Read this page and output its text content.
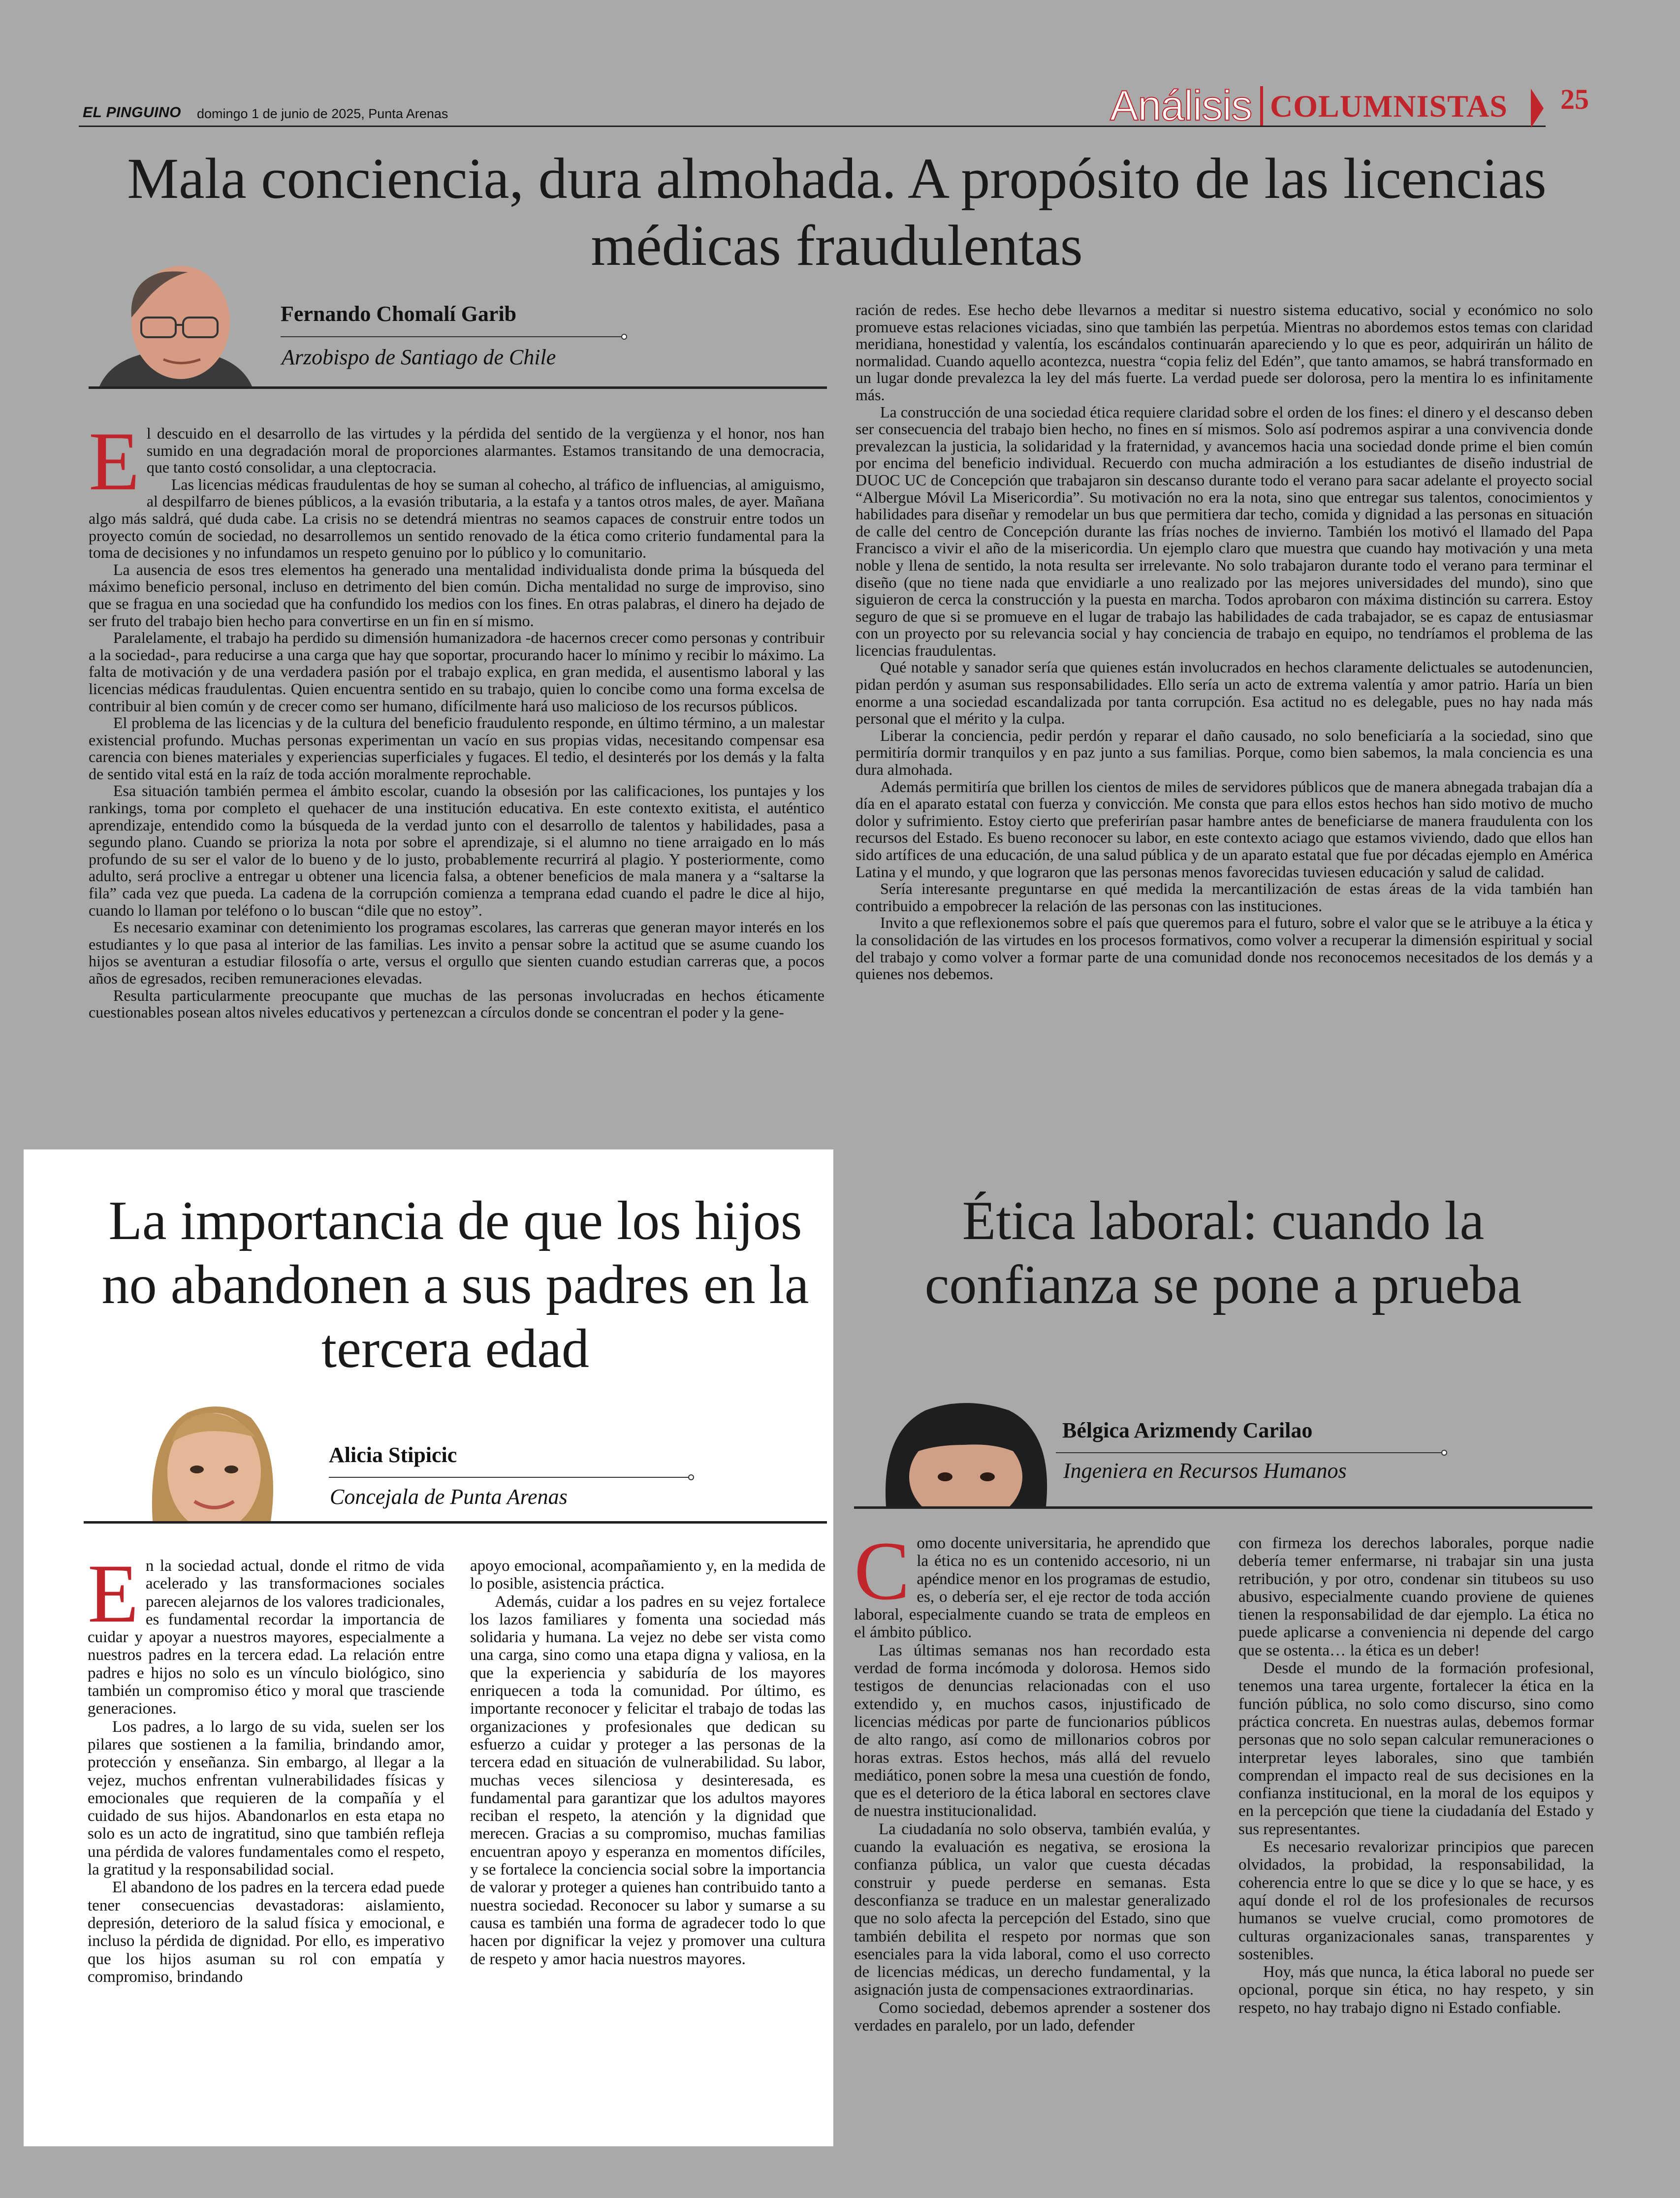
EL PINGUINO domingo 1 de junio de 2025, Punta Arenas	Análisis COLUMNISTAS 25
Mala conciencia, dura almohada. A propósito de las licencias médicas fraudulentas
Fernando Chomalí Garib
Arzobispo de Santiago de Chile

El descuido en el desarrollo de las virtudes y la pérdida del sentido de la vergüenza y el honor, nos han sumido en una degradación moral de proporciones alarmantes. Estamos transitando de una democracia, que tanto costó consolidar, a una cleptocracia.

Las licencias médicas fraudulentas de hoy se suman al cohecho, al tráfico de influencias, al amiguismo, al despilfarro de bienes públicos, a la evasión tributaria, a la estafa y a tantos otros males, de ayer. Mañana algo más saldrá, qué duda cabe. La crisis no se detendrá mientras no seamos capaces de construir entre todos un proyecto común de sociedad, no desarrollemos un sentido renovado de la ética como criterio fundamental para la toma de decisiones y no infundamos un respeto genuino por lo público y lo comunitario.

La ausencia de esos tres elementos ha generado una mentalidad individualista donde prima la búsqueda del máximo beneficio personal, incluso en detrimento del bien común. Dicha mentalidad no surge de improviso, sino que se fragua en una sociedad que ha confundido los medios con los fines. En otras palabras, el dinero ha dejado de ser fruto del trabajo bien hecho para convertirse en un fin en sí mismo.

Paralelamente, el trabajo ha perdido su dimensión humanizadora -de hacernos crecer como personas y contribuir a la sociedad-, para reducirse a una carga que hay que soportar, procurando hacer lo mínimo y recibir lo máximo. La falta de motivación y de una verdadera pasión por el trabajo explica, en gran medida, el ausentismo laboral y las licencias médicas fraudulentas. Quien encuentra sentido en su trabajo, quien lo concibe como una forma excelsa de contribuir al bien común y de crecer como ser humano, difícilmente hará uso malicioso de los recursos públicos.

El problema de las licencias y de la cultura del beneficio fraudulento responde, en último término, a un malestar existencial profundo. Muchas personas experimentan un vacío en sus propias vidas, necesitando compensar esa carencia con bienes materiales y experiencias superficiales y fugaces. El tedio, el desinterés por los demás y la falta de sentido vital está en la raíz de toda acción moralmente reprochable.

Esa situación también permea el ámbito escolar, cuando la obsesión por las calificaciones, los puntajes y los rankings, toma por completo el quehacer de una institución educativa. En este contexto exitista, el auténtico aprendizaje, entendido como la búsqueda de la verdad junto con el desarrollo de talentos y habilidades, pasa a segundo plano. Cuando se prioriza la nota por sobre el aprendizaje, si el alumno no tiene arraigado en lo más profundo de su ser el valor de lo bueno y de lo justo, probablemente recurrirá al plagio. Y posteriormente, como adulto, será proclive a entregar u obtener una licencia falsa, a obtener beneficios de mala manera y a “saltarse la fila” cada vez que pueda. La cadena de la corrupción comienza a temprana edad cuando el padre le dice al hijo, cuando lo llaman por teléfono o lo buscan “dile que no estoy”.

Es necesario examinar con detenimiento los programas escolares, las carreras que generan mayor interés en los estudiantes y lo que pasa al interior de las familias. Les invito a pensar sobre la actitud que se asume cuando los hijos se aventuran a estudiar filosofía o arte, versus el orgullo que sienten cuando estudian carreras que, a pocos años de egresados, reciben remuneraciones elevadas.

Resulta particularmente preocupante que muchas de las personas involucradas en hechos éticamente cuestionables posean altos niveles educativos y pertenezcan a círculos donde se concentran el poder y la gene-

ración de redes. Ese hecho debe llevarnos a meditar si nuestro sistema educativo, social y económico no solo promueve estas relaciones viciadas, sino que también las perpetúa. Mientras no abordemos estos temas con claridad meridiana, honestidad y valentía, los escándalos continuarán apareciendo y lo que es peor, adquirirán un hálito de normalidad. Cuando aquello acontezca, nuestra “copia feliz del Edén”, que tanto amamos, se habrá transformado en un lugar donde prevalezca la ley del más fuerte. La verdad puede ser dolorosa, pero la mentira lo es infinitamente más.

La construcción de una sociedad ética requiere claridad sobre el orden de los fines: el dinero y el descanso deben ser consecuencia del trabajo bien hecho, no fines en sí mismos. Solo así podremos aspirar a una convivencia donde prevalezcan la justicia, la solidaridad y la fraternidad, y avancemos hacia una sociedad donde prime el bien común por encima del beneficio individual. Recuerdo con mucha admiración a los estudiantes de diseño industrial de DUOC UC de Concepción que trabajaron sin descanso durante todo el verano para sacar adelante el proyecto social “Albergue Móvil La Misericordia”. Su motivación no era la nota, sino que entregar sus talentos, conocimientos y habilidades para diseñar y remodelar un bus que permitiera dar techo, comida y dignidad a las personas en situación de calle del centro de Concepción durante las frías noches de invierno. También los motivó el llamado del Papa Francisco a vivir el año de la misericordia. Un ejemplo claro que muestra que cuando hay motivación y una meta noble y llena de sentido, la nota resulta ser irrelevante. No solo trabajaron durante todo el verano para terminar el diseño (que no tiene nada que envidiarle a uno realizado por las mejores universidades del mundo), sino que siguieron de cerca la construcción y la puesta en marcha. Todos aprobaron con máxima distinción su carrera. Estoy seguro de que si se promueve en el lugar de trabajo las habilidades de cada trabajador, se es capaz de entusiasmar con un proyecto por su relevancia social y hay conciencia de trabajo en equipo, no tendríamos el problema de las licencias fraudulentas.

Qué notable y sanador sería que quienes están involucrados en hechos claramente delictuales se autodenuncien, pidan perdón y asuman sus responsabilidades. Ello sería un acto de extrema valentía y amor patrio. Haría un bien enorme a una sociedad escandalizada por tanta corrupción. Esa actitud no es delegable, pues no hay nada más personal que el mérito y la culpa.

Liberar la conciencia, pedir perdón y reparar el daño causado, no solo beneficiaría a la sociedad, sino que permitiría dormir tranquilos y en paz junto a sus familias. Porque, como bien sabemos, la mala conciencia es una dura almohada.

Además permitiría que brillen los cientos de miles de servidores públicos que de manera abnegada trabajan día a día en el aparato estatal con fuerza y convicción. Me consta que para ellos estos hechos han sido motivo de mucho dolor y sufrimiento. Estoy cierto que preferirían pasar hambre antes de beneficiarse de manera fraudulenta con los recursos del Estado. Es bueno reconocer su labor, en este contexto aciago que estamos viviendo, dado que ellos han sido artífices de una educación, de una salud pública y de un aparato estatal que fue por décadas ejemplo en América Latina y el mundo, y que lograron que las personas menos favorecidas tuviesen educación y salud de calidad.

Sería interesante preguntarse en qué medida la mercantilización de estas áreas de la vida también han contribuido a empobrecer la relación de las personas con las instituciones.

Invito a que reflexionemos sobre el país que queremos para el futuro, sobre el valor que se le atribuye a la ética y la consolidación de las virtudes en los procesos formativos, como volver a recuperar la dimensión espiritual y social del trabajo y como volver a formar parte de una comunidad donde nos reconocemos necesitados de los demás y a quienes nos debemos.

La importancia de que los hijos no abandonen a sus padres en la tercera edad
Alicia Stipicic
Concejala de Punta Arenas

En la sociedad actual, donde el ritmo de vida acelerado y las transformaciones sociales parecen alejarnos de los valores tradicionales, es fundamental recordar la importancia de cuidar y apoyar a nuestros mayores, especialmente a nuestros padres en la tercera edad. La relación entre padres e hijos no solo es un vínculo biológico, sino también un compromiso ético y moral que trasciende generaciones.

Los padres, a lo largo de su vida, suelen ser los pilares que sostienen a la familia, brindando amor, protección y enseñanza. Sin embargo, al llegar a la vejez, muchos enfrentan vulnerabilidades físicas y emocionales que requieren de la compañía y el cuidado de sus hijos. Abandonarlos en esta etapa no solo es un acto de ingratitud, sino que también refleja una pérdida de valores fundamentales como el respeto, la gratitud y la responsabilidad social.

El abandono de los padres en la tercera edad puede tener consecuencias devastadoras: aislamiento, depresión, deterioro de la salud física y emocional, e incluso la pérdida de dignidad. Por ello, es imperativo que los hijos asuman su rol con empatía y compromiso, brindando

apoyo emocional, acompañamiento y, en la medida de lo posible, asistencia práctica.

Además, cuidar a los padres en su vejez fortalece los lazos familiares y fomenta una sociedad más solidaria y humana. La vejez no debe ser vista como una carga, sino como una etapa digna y valiosa, en la que la experiencia y sabiduría de los mayores enriquecen a toda la comunidad. Por último, es importante reconocer y felicitar el trabajo de todas las organizaciones y profesionales que dedican su esfuerzo a cuidar y proteger a las personas de la tercera edad en situación de vulnerabilidad. Su labor, muchas veces silenciosa y desinteresada, es fundamental para garantizar que los adultos mayores reciban el respeto, la atención y la dignidad que merecen. Gracias a su compromiso, muchas familias encuentran apoyo y esperanza en momentos difíciles, y se fortalece la conciencia social sobre la importancia de valorar y proteger a quienes han contribuido tanto a nuestra sociedad. Reconocer su labor y sumarse a su causa es también una forma de agradecer todo lo que hacen por dignificar la vejez y promover una cultura de respeto y amor hacia nuestros mayores.

Ética laboral: cuando la confianza se pone a prueba
Bélgica Arizmendy Carilao
Ingeniera en Recursos Humanos

Como docente universitaria, he aprendido que la ética no es un contenido accesorio, ni un apéndice menor en los programas de estudio, es, o debería ser, el eje rector de toda acción laboral, especialmente cuando se trata de empleos en el ámbito público.

Las últimas semanas nos han recordado esta verdad de forma incómoda y dolorosa. Hemos sido testigos de denuncias relacionadas con el uso extendido y, en muchos casos, injustificado de licencias médicas por parte de funcionarios públicos de alto rango, así como de millonarios cobros por horas extras. Estos hechos, más allá del revuelo mediático, ponen sobre la mesa una cuestión de fondo, que es el deterioro de la ética laboral en sectores clave de nuestra institucionalidad.

La ciudadanía no solo observa, también evalúa, y cuando la evaluación es negativa, se erosiona la confianza pública, un valor que cuesta décadas construir y puede perderse en semanas. Esta desconfianza se traduce en un malestar generalizado que no solo afecta la percepción del Estado, sino que también debilita el respeto por normas que son esenciales para la vida laboral, como el uso correcto de licencias médicas, un derecho fundamental, y la asignación justa de compensaciones extraordinarias.

Como sociedad, debemos aprender a sostener dos verdades en paralelo, por un lado, defender

con firmeza los derechos laborales, porque nadie debería temer enfermarse, ni trabajar sin una justa retribución, y por otro, condenar sin titubeos su uso abusivo, especialmente cuando proviene de quienes tienen la responsabilidad de dar ejemplo. La ética no puede aplicarse a conveniencia ni depende del cargo que se ostenta… la ética es un deber!

Desde el mundo de la formación profesional, tenemos una tarea urgente, fortalecer la ética en la función pública, no solo como discurso, sino como práctica concreta. En nuestras aulas, debemos formar personas que no solo sepan calcular remuneraciones o interpretar leyes laborales, sino que también comprendan el impacto real de sus decisiones en la confianza institucional, en la moral de los equipos y en la percepción que tiene la ciudadanía del Estado y sus representantes.

Es necesario revalorizar principios que parecen olvidados, la probidad, la responsabilidad, la coherencia entre lo que se dice y lo que se hace, y es aquí donde el rol de los profesionales de recursos humanos se vuelve crucial, como promotores de culturas organizacionales sanas, transparentes y sostenibles.

Hoy, más que nunca, la ética laboral no puede ser opcional, porque sin ética, no hay respeto, y sin respeto, no hay trabajo digno ni Estado confiable.
